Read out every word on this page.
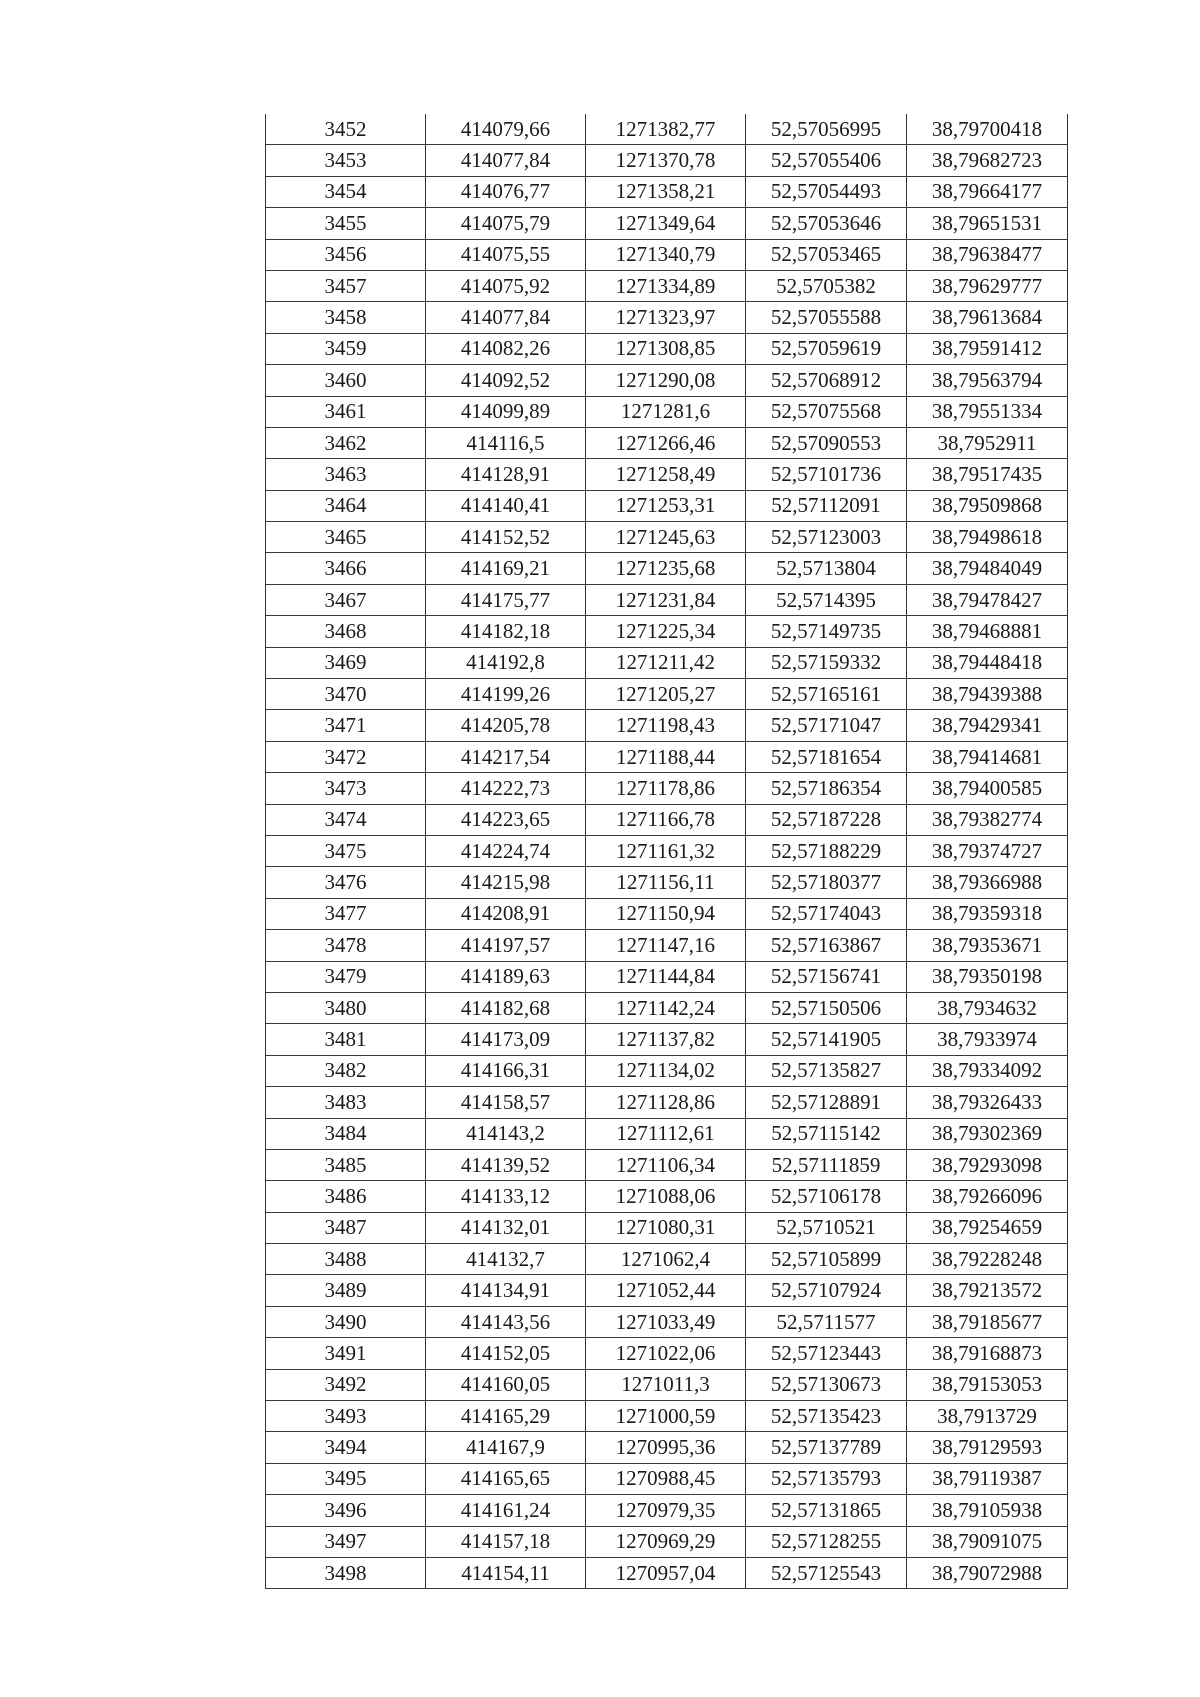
3452	414079,66	1271382,77	52,57056995	38,79700418
3453	414077,84	1271370,78	52,57055406	38,79682723
3454	414076,77	1271358,21	52,57054493	38,79664177
3455	414075,79	1271349,64	52,57053646	38,79651531
3456	414075,55	1271340,79	52,57053465	38,79638477
3457	414075,92	1271334,89	52,5705382	38,79629777
3458	414077,84	1271323,97	52,57055588	38,79613684
3459	414082,26	1271308,85	52,57059619	38,79591412
3460	414092,52	1271290,08	52,57068912	38,79563794
3461	414099,89	1271281,6	52,57075568	38,79551334
3462	414116,5	1271266,46	52,57090553	38,7952911
3463	414128,91	1271258,49	52,57101736	38,79517435
3464	414140,41	1271253,31	52,57112091	38,79509868
3465	414152,52	1271245,63	52,57123003	38,79498618
3466	414169,21	1271235,68	52,5713804	38,79484049
3467	414175,77	1271231,84	52,5714395	38,79478427
3468	414182,18	1271225,34	52,57149735	38,79468881
3469	414192,8	1271211,42	52,57159332	38,79448418
3470	414199,26	1271205,27	52,57165161	38,79439388
3471	414205,78	1271198,43	52,57171047	38,79429341
3472	414217,54	1271188,44	52,57181654	38,79414681
3473	414222,73	1271178,86	52,57186354	38,79400585
3474	414223,65	1271166,78	52,57187228	38,79382774
3475	414224,74	1271161,32	52,57188229	38,79374727
3476	414215,98	1271156,11	52,57180377	38,79366988
3477	414208,91	1271150,94	52,57174043	38,79359318
3478	414197,57	1271147,16	52,57163867	38,79353671
3479	414189,63	1271144,84	52,57156741	38,79350198
3480	414182,68	1271142,24	52,57150506	38,7934632
3481	414173,09	1271137,82	52,57141905	38,7933974
3482	414166,31	1271134,02	52,57135827	38,79334092
3483	414158,57	1271128,86	52,57128891	38,79326433
3484	414143,2	1271112,61	52,57115142	38,79302369
3485	414139,52	1271106,34	52,57111859	38,79293098
3486	414133,12	1271088,06	52,57106178	38,79266096
3487	414132,01	1271080,31	52,5710521	38,79254659
3488	414132,7	1271062,4	52,57105899	38,79228248
3489	414134,91	1271052,44	52,57107924	38,79213572
3490	414143,56	1271033,49	52,5711577	38,79185677
3491	414152,05	1271022,06	52,57123443	38,79168873
3492	414160,05	1271011,3	52,57130673	38,79153053
3493	414165,29	1271000,59	52,57135423	38,7913729
3494	414167,9	1270995,36	52,57137789	38,79129593
3495	414165,65	1270988,45	52,57135793	38,79119387
3496	414161,24	1270979,35	52,57131865	38,79105938
3497	414157,18	1270969,29	52,57128255	38,79091075
3498	414154,11	1270957,04	52,57125543	38,79072988
